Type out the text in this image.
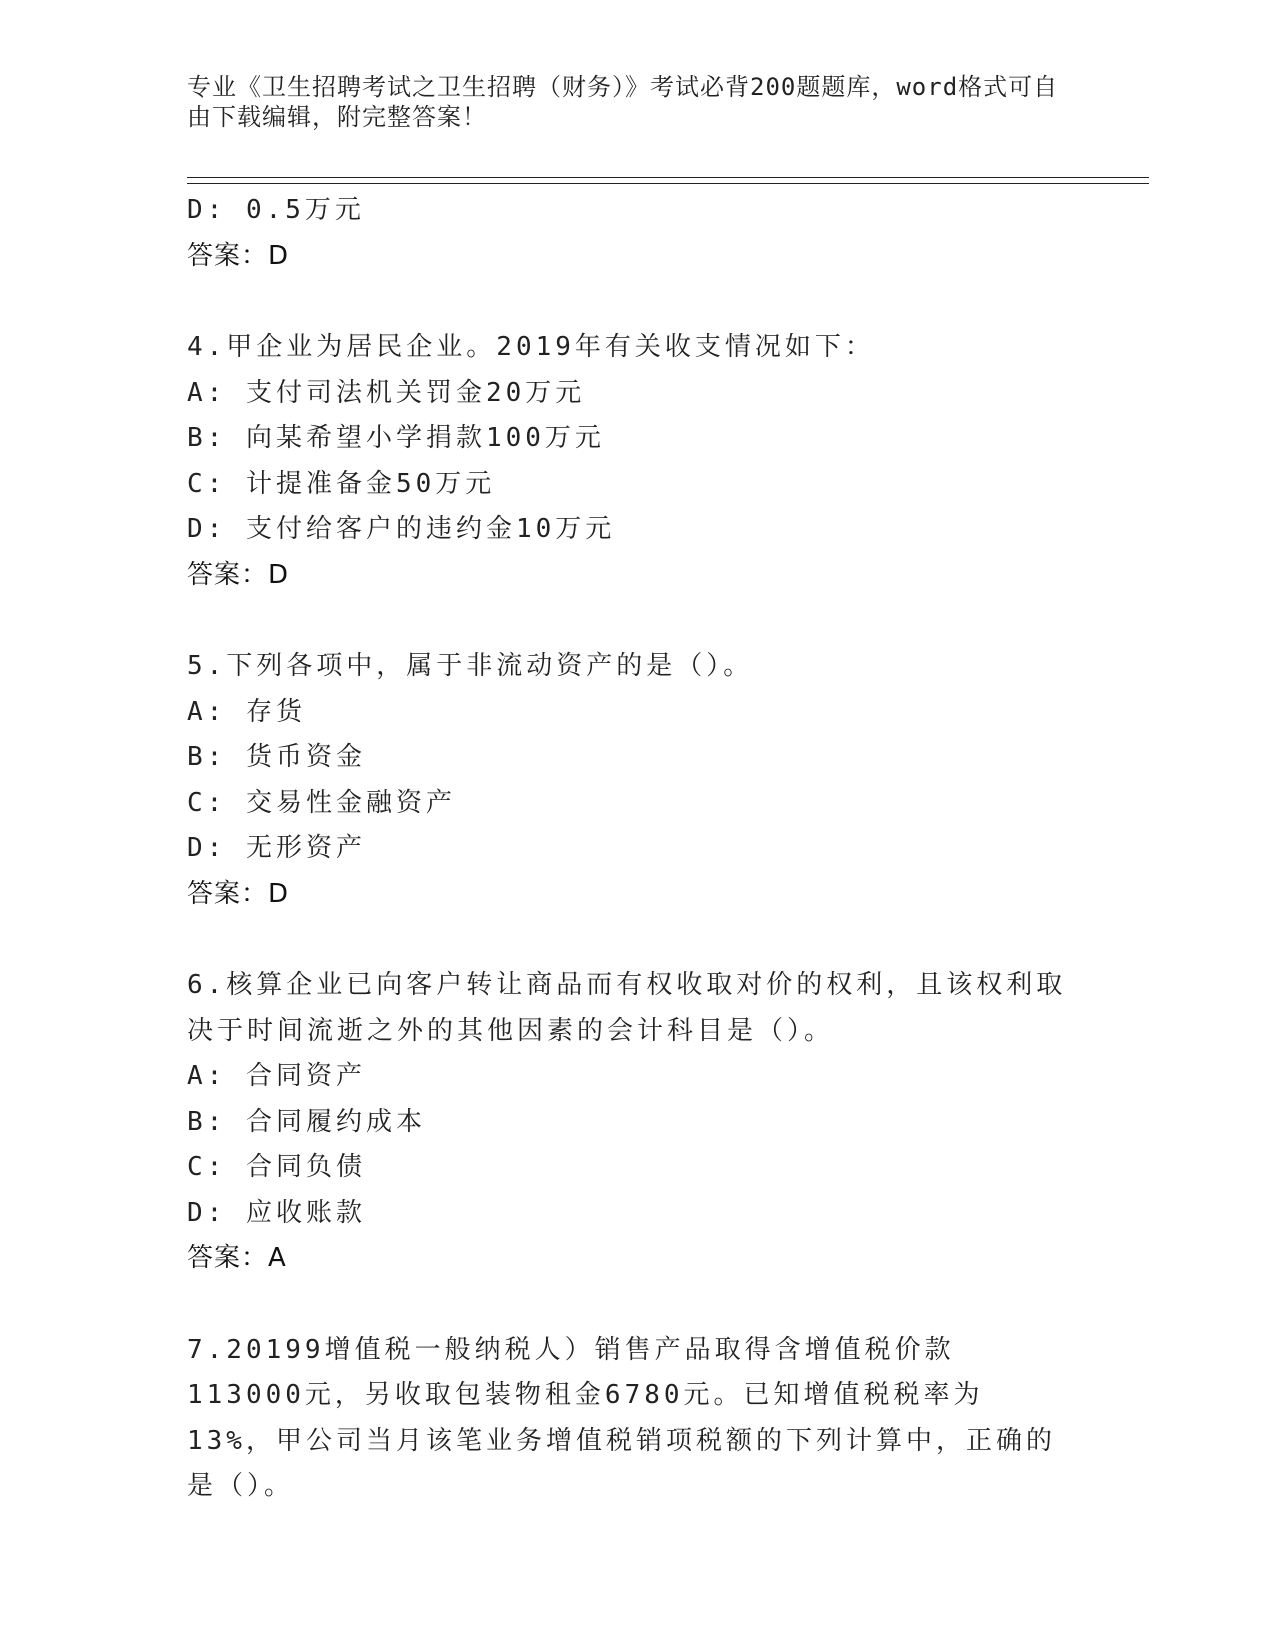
专业《卫生招聘考试之卫生招聘（财务）》考试必背200题题库，word格式可自由下载编辑，附完整答案！
D: 0.5万元
答案：D
4.甲企业为居民企业。2019年有关收支情况如下：
A: 支付司法机关罚金20万元
B: 向某希望小学捐款100万元
C: 计提准备金50万元
D: 支付给客户的违约金10万元
答案：D
5.下列各项中，属于非流动资产的是（）。
A: 存货
B: 货币资金
C: 交易性金融资产
D: 无形资产
答案：D
6.核算企业已向客户转让商品而有权收取对价的权利，且该权利取决于时间流逝之外的其他因素的会计科目是（）。
A: 合同资产
B: 合同履约成本
C: 合同负债
D: 应收账款
答案：A
7.20199增值税一般纳税人）销售产品取得含增值税价款113000元，另收取包装物租金6780元。已知增值税税率为13%，甲公司当月该笔业务增值税销项税额的下列计算中，正确的是（）。
